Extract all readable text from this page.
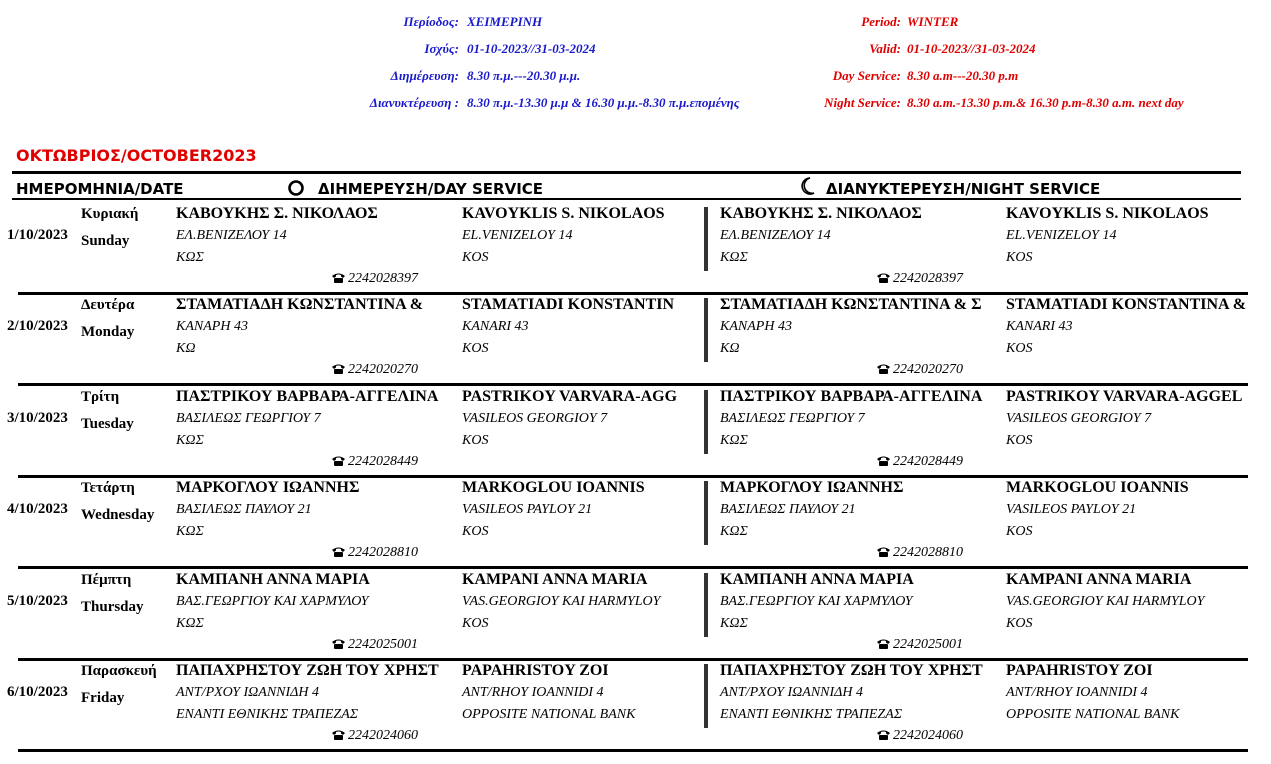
Περίοδος: ΧΕΙΜΕΡΙΝΗ
Ισχύς: 01-10-2023//31-03-2024
Διημέρευση: 8.30 π.μ.---20.30 μ.μ.
Διανυκτέρευση : 8.30 π.μ.-13.30 μ.μ & 16.30 μ.μ.-8.30 π.μ.επομένης
Period: WINTER
Valid: 01-10-2023//31-03-2024
Day Service: 8.30 a.m---20.30 p.m
Night Service: 8.30 a.m.-13.30 p.m.& 16.30 p.m-8.30 a.m. next day
ΟΚΤΩΒΡΙΟΣ/OCTOBER2023
ΗΜΕΡΟΜΗΝΙΑ/DATE	ΔΙΗΜΕΡΕΥΣΗ/DAY SERVICE	ΔΙΑΝΥΚΤΕΡΕΥΣΗ/NIGHT SERVICE
1/10/2023
Κυριακή
Sunday
ΚΑΒΟΥΚΗΣ Σ. ΝΙΚΟΛΑΟΣ
ΕΛ.ΒΕΝΙΖΕΛΟΥ 14
ΚΩΣ
KAVOYKLIS S. NIKOLAOS
EL.VENIZELOY 14
KOS
2242028397
ΚΑΒΟΥΚΗΣ Σ. ΝΙΚΟΛΑΟΣ
ΕΛ.ΒΕΝΙΖΕΛΟΥ 14
ΚΩΣ
KAVOYKLIS S. NIKOLAOS
EL.VENIZELOY 14
KOS
2242028397
2/10/2023
Δευτέρα
Monday
ΣΤΑΜΑΤΙΑΔΗ ΚΩΝΣΤΑΝΤΙΝΑ &
ΚΑΝΑΡΗ 43
ΚΩ
STAMATIADI KONSTANTIN
KANARI 43
KOS
2242020270
ΣΤΑΜΑΤΙΑΔΗ ΚΩΝΣΤΑΝΤΙΝΑ & Σ
ΚΑΝΑΡΗ 43
ΚΩ
STAMATIADI KONSTANTINA &
KANARI 43
KOS
2242020270
3/10/2023
Τρίτη
Tuesday
ΠΑΣΤΡΙΚΟΥ ΒΑΡΒΑΡΑ-ΑΓΓΕΛΙΝΑ
ΒΑΣΙΛΕΩΣ ΓΕΩΡΓΙΟΥ 7
ΚΩΣ
PASTRIKOY VARVARA-AGG
VASILEOS GEORGIOY 7
KOS
2242028449
ΠΑΣΤΡΙΚΟΥ ΒΑΡΒΑΡΑ-ΑΓΓΕΛΙΝΑ
ΒΑΣΙΛΕΩΣ ΓΕΩΡΓΙΟΥ 7
ΚΩΣ
PASTRIKOY VARVARA-AGGEL
VASILEOS GEORGIOY 7
KOS
2242028449
4/10/2023
Τετάρτη
Wednesday
ΜΑΡΚΟΓΛΟΥ ΙΩΑΝΝΗΣ
ΒΑΣΙΛΕΩΣ ΠΑΥΛΟΥ 21
ΚΩΣ
MARKOGLOU IOANNIS
VASILEOS PAYLOY 21
KOS
2242028810
ΜΑΡΚΟΓΛΟΥ ΙΩΑΝΝΗΣ
ΒΑΣΙΛΕΩΣ ΠΑΥΛΟΥ 21
ΚΩΣ
MARKOGLOU IOANNIS
VASILEOS PAYLOY 21
KOS
2242028810
5/10/2023
Πέμπτη
Thursday
ΚΑΜΠΑΝΗ ΑΝΝΑ ΜΑΡΙΑ
ΒΑΣ.ΓΕΩΡΓΙΟΥ ΚΑΙ ΧΑΡΜΥΛΟΥ
ΚΩΣ
KAMPANI ANNA MARIA
VAS.GEORGIOY KAI HARMYLOY
KOS
2242025001
ΚΑΜΠΑΝΗ ΑΝΝΑ ΜΑΡΙΑ
ΒΑΣ.ΓΕΩΡΓΙΟΥ ΚΑΙ ΧΑΡΜΥΛΟΥ
ΚΩΣ
KAMPANI ANNA MARIA
VAS.GEORGIOY KAI HARMYLOY
KOS
2242025001
6/10/2023
Παρασκευή
Friday
ΠΑΠΑΧΡΗΣΤΟΥ ΖΩΗ ΤΟΥ ΧΡΗΣΤ
ΑΝΤ/ΡΧΟΥ ΙΩΑΝΝΙΔΗ 4
ΕΝΑΝΤΙ ΕΘΝΙΚΗΣ ΤΡΑΠΕΖΑΣ
PAPAHRISTOY ZOI
ANT/RHOY IOANNIDI 4
OPPOSITE NATIONAL BANK
2242024060
ΠΑΠΑΧΡΗΣΤΟΥ ΖΩΗ ΤΟΥ ΧΡΗΣΤ
ΑΝΤ/ΡΧΟΥ ΙΩΑΝΝΙΔΗ 4
ΕΝΑΝΤΙ ΕΘΝΙΚΗΣ ΤΡΑΠΕΖΑΣ
PAPAHRISTOY ZOI
ANT/RHOY IOANNIDI 4
OPPOSITE NATIONAL BANK
2242024060
